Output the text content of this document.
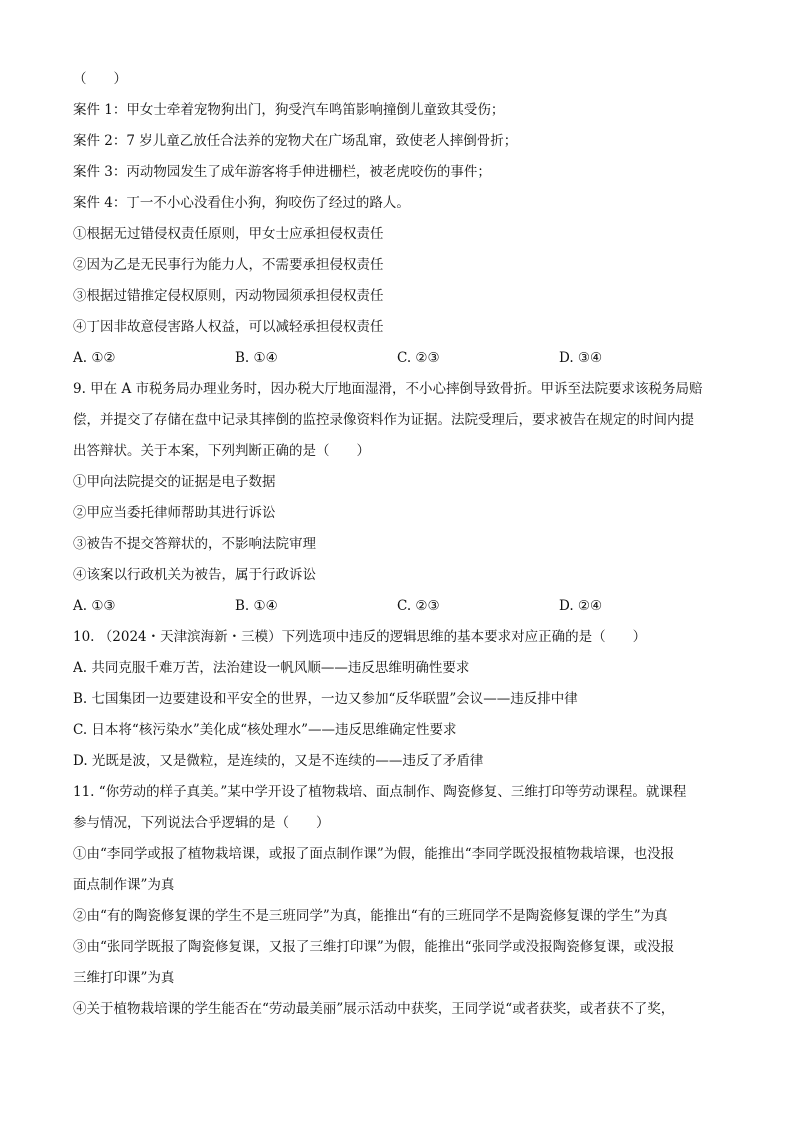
（　　）
案件 1：甲女士牵着宠物狗出门，狗受汽车鸣笛影响撞倒儿童致其受伤；
案件 2：7 岁儿童乙放任合法养的宠物犬在广场乱窜，致使老人摔倒骨折；
案件 3：丙动物园发生了成年游客将手伸进栅栏，被老虎咬伤的事件；
案件 4：丁一不小心没看住小狗，狗咬伤了经过的路人。
①根据无过错侵权责任原则，甲女士应承担侵权责任
②因为乙是无民事行为能力人，不需要承担侵权责任
③根据过错推定侵权原则，丙动物园须承担侵权责任
④丁因非故意侵害路人权益，可以减轻承担侵权责任
A. ①②	B. ①④	C. ②③	D. ③④
9. 甲在 A 市税务局办理业务时，因办税大厅地面湿滑，不小心摔倒导致骨折。甲诉至法院要求该税务局赔
偿，并提交了存储在盘中记录其摔倒的监控录像资料作为证据。法院受理后，要求被告在规定的时间内提
出答辩状。关于本案，下列判断正确的是（　　）
①甲向法院提交的证据是电子数据
②甲应当委托律师帮助其进行诉讼
③被告不提交答辩状的，不影响法院审理
④该案以行政机关为被告，属于行政诉讼
A. ①③	B. ①④	C. ②③	D. ②④
10. （2024・天津滨海新・三模）下列选项中违反的逻辑思维的基本要求对应正确的是（　　）
A. 共同克服千难万苦，法治建设一帆风顺——违反思维明确性要求
B. 七国集团一边要建设和平安全的世界，一边又参加“反华联盟”会议——违反排中律
C. 日本将“核污染水”美化成“核处理水”——违反思维确定性要求
D. 光既是波，又是微粒，是连续的，又是不连续的——违反了矛盾律
11. “你劳动的样子真美。”某中学开设了植物栽培、面点制作、陶瓷修复、三维打印等劳动课程。就课程
参与情况，下列说法合乎逻辑的是（　　）
①由“李同学或报了植物栽培课，或报了面点制作课”为假，能推出“李同学既没报植物栽培课，也没报
面点制作课”为真
②由“有的陶瓷修复课的学生不是三班同学”为真，能推出“有的三班同学不是陶瓷修复课的学生”为真
③由“张同学既报了陶瓷修复课，又报了三维打印课”为假，能推出“张同学或没报陶瓷修复课，或没报
三维打印课”为真
④关于植物栽培课的学生能否在“劳动最美丽”展示活动中获奖，王同学说“或者获奖，或者获不了奖，
